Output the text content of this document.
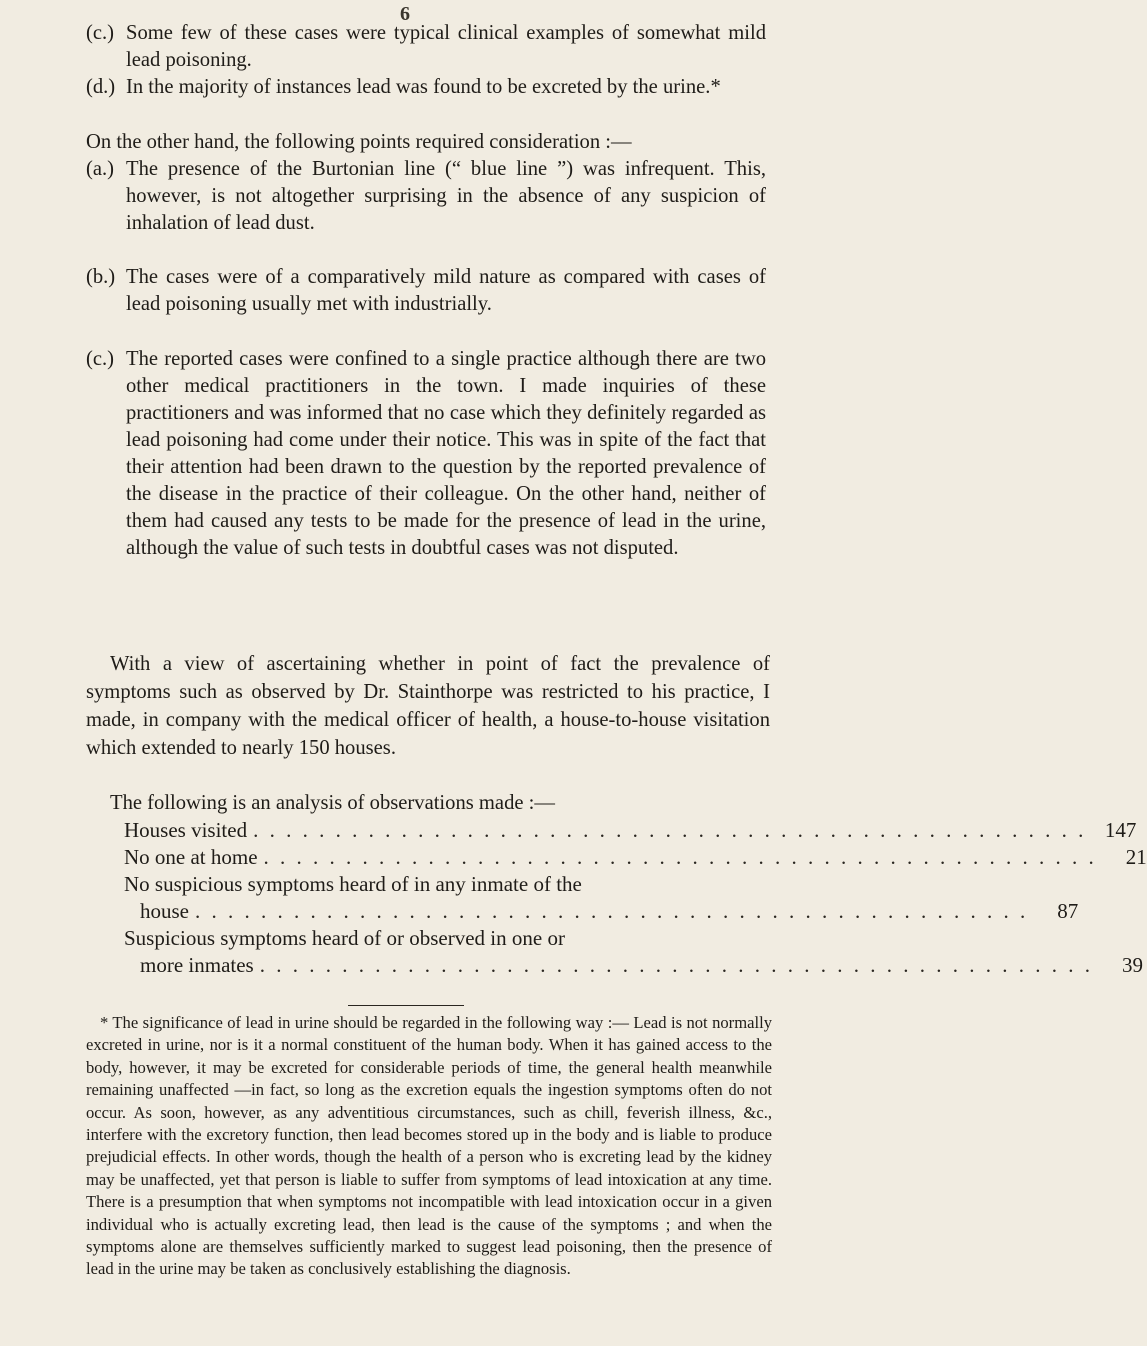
6
(c.) Some few of these cases were typical clinical examples of somewhat mild lead poisoning.
(d.) In the majority of instances lead was found to be excreted by the urine.*
On the other hand, the following points required consideration :—
(a.) The presence of the Burtonian line (“ blue line ”) was infrequent. This, however, is not altogether surprising in the absence of any suspicion of inhalation of lead dust.
(b.) The cases were of a comparatively mild nature as compared with cases of lead poisoning usually met with industrially.
(c.) The reported cases were confined to a single practice although there are two other medical practitioners in the town. I made inquiries of these practitioners and was informed that no case which they definitely regarded as lead poisoning had come under their notice. This was in spite of the fact that their attention had been drawn to the question by the reported prevalence of the disease in the practice of their colleague. On the other hand, neither of them had caused any tests to be made for the presence of lead in the urine, although the value of such tests in doubtful cases was not disputed.
With a view of ascertaining whether in point of fact the prevalence of symptoms such as observed by Dr. Stainthorpe was restricted to his practice, I made, in company with the medical officer of health, a house-to-house visitation which extended to nearly 150 houses.
The following is an analysis of observations made :—
Houses visited . . . . . . . . . . . . . . . . . . . . . . . . . . . . . . . . . . . . . . . . . . . . . . . . . . . 147
No one at home . . . . . . . . . . . . . . . . . . . . . . . . . . . . . . . . . . . . . . . . . . . . . . . . . . .	21
No suspicious symptoms heard of in any inmate of the
house . . . . . . . . . . . . . . . . . . . . . . . . . . . . . . . . . . . . . . . . . . . . . . . . . . .	87
Suspicious symptoms heard of or observed in one or
more inmates . . . . . . . . . . . . . . . . . . . . . . . . . . . . . . . . . . . . . . . . . . . . . . . . . . .	39
* The significance of lead in urine should be regarded in the following way :— Lead is not normally excreted in urine, nor is it a normal constituent of the human body. When it has gained access to the body, however, it may be excreted for considerable periods of time, the general health meanwhile remaining unaffected —in fact, so long as the excretion equals the ingestion symptoms often do not occur. As soon, however, as any adventitious circumstances, such as chill, feverish illness, &c., interfere with the excretory function, then lead becomes stored up in the body and is liable to produce prejudicial effects. In other words, though the health of a person who is excreting lead by the kidney may be unaffected, yet that person is liable to suffer from symptoms of lead intoxication at any time. There is a presumption that when symptoms not incompatible with lead intoxication occur in a given individual who is actually excreting lead, then lead is the cause of the symptoms ; and when the symptoms alone are themselves sufficiently marked to suggest lead poisoning, then the presence of lead in the urine may be taken as conclusively establishing the diagnosis.
